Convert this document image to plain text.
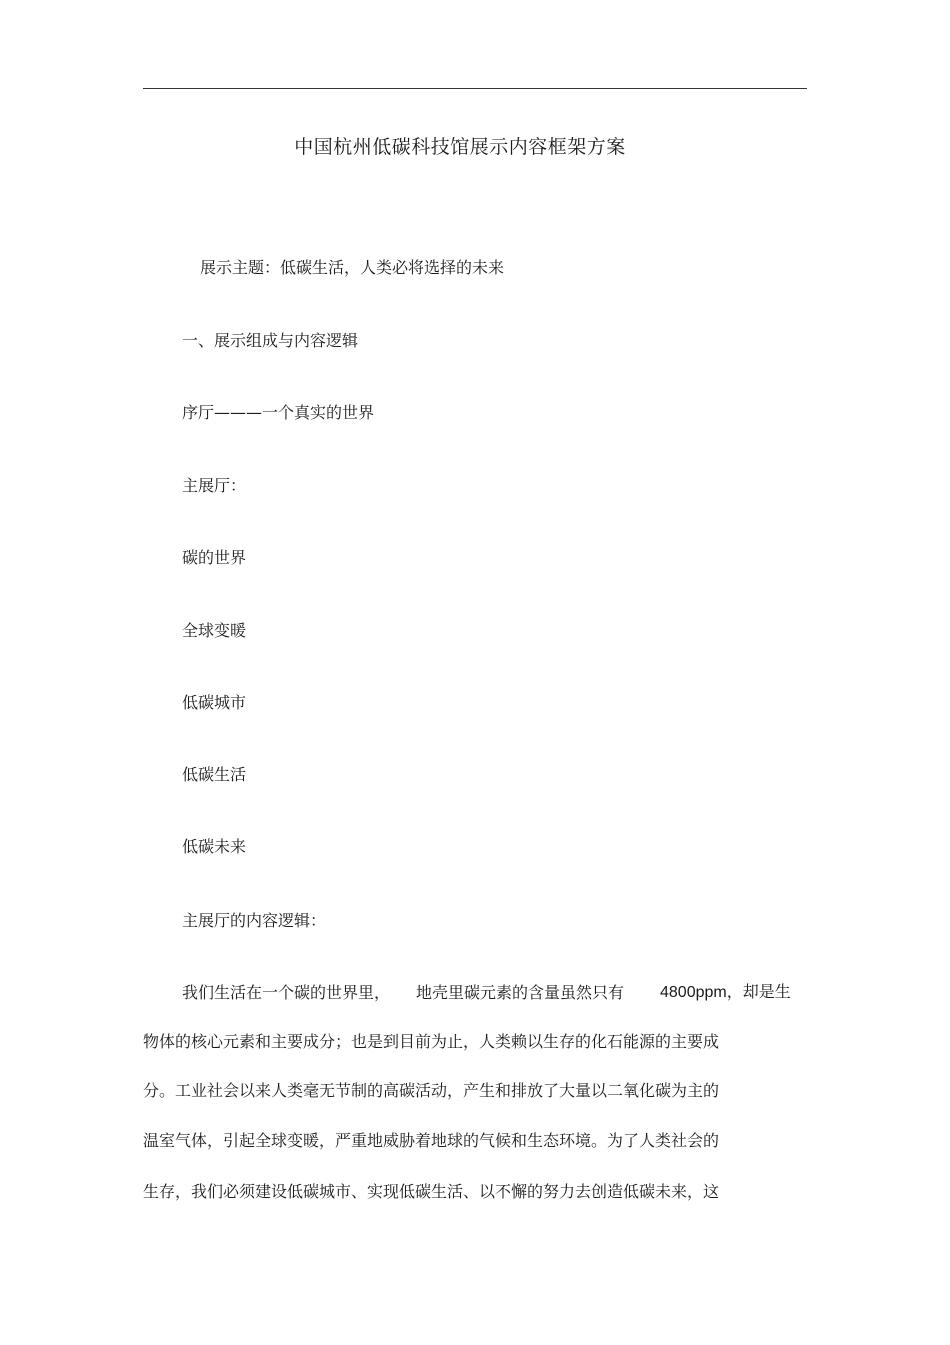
中国杭州低碳科技馆展示内容框架方案
展示主题：低碳生活，人类必将选择的未来
一、展示组成与内容逻辑
序厅———一个真实的世界
主展厅：
碳的世界
全球变暖
低碳城市
低碳生活
低碳未来
主展厅的内容逻辑：
我们生活在一个碳的世界里， 地壳里碳元素的含量虽然只有 4800ppm，却是生
物体的核心元素和主要成分；也是到目前为止，人类赖以生存的化石能源的主要成
分。工业社会以来人类毫无节制的高碳活动，产生和排放了大量以二氧化碳为主的
温室气体，引起全球变暖，严重地威胁着地球的气候和生态环境。为了人类社会的
生存，我们必须建设低碳城市、实现低碳生活、以不懈的努力去创造低碳未来，这
